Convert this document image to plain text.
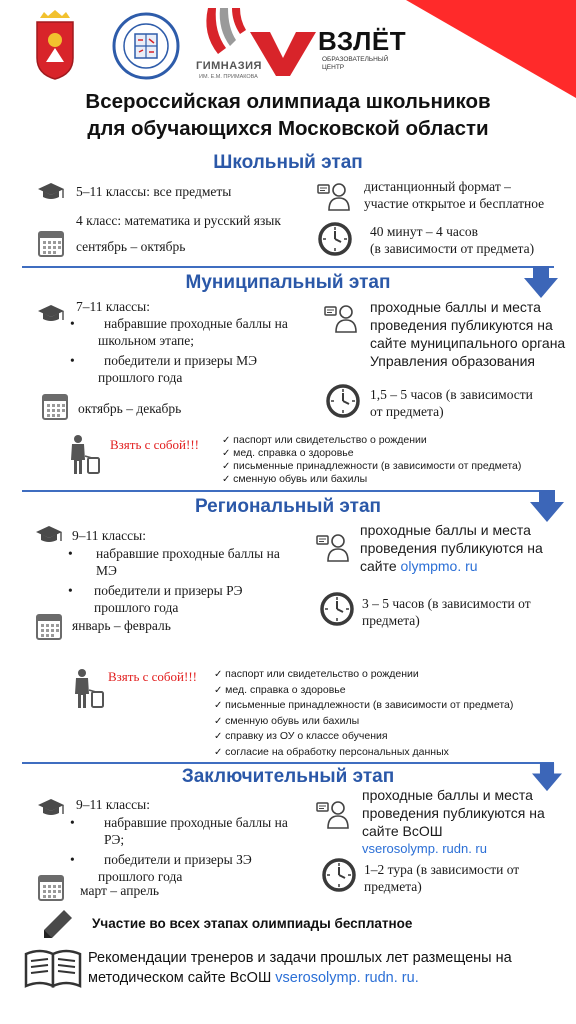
ГИМНАЗИЯ
ИМ. Е.М. ПРИМАКОВА
ВЗЛЁТ
ОБРАЗОВАТЕЛЬНЫЙ
ЦЕНТР
Всероссийская олимпиада школьников
для обучающихся Московской области
Школьный этап
5–11 классы: все предметы
4 класс: математика и русский язык
сентябрь – октябрь
дистанционный формат –
участие открытое и бесплатное
40 минут – 4 часов
(в зависимости от предмета)
Муниципальный этап
7–11 классы:
• набравшие проходные баллы на
школьном этапе;
• победители и призеры МЭ
прошлого года
октябрь – декабрь
проходные баллы и места
проведения публикуются на
сайте муниципального органа
Управления образования
1,5 – 5 часов (в зависимости
от предмета)
Взять с собой!!!	✓ паспорт или свидетельство о рождении
✓ мед. справка о здоровье
✓ письменные принадлежности (в зависимости от предмета)
✓ сменную обувь или бахилы
Региональный этап
9–11 классы:
• набравшие проходные баллы на
МЭ
• победители и призеры РЭ
прошлого года
январь – февраль
проходные баллы и места
проведения публикуются на
сайте olympmo. ru
3 – 5 часов (в зависимости от
предмета)
Взять с собой!!!	✓ паспорт или свидетельство о рождении
✓ мед. справка о здоровье
✓ письменные принадлежности (в зависимости от предмета)
✓ сменную обувь или бахилы
✓ справку из ОУ о классе обучения
✓ согласие на обработку персональных данных
Заключительный этап
9–11 классы:
• набравшие проходные баллы на
РЭ;
• победители и призеры ЗЭ
прошлого года
март – апрель
проходные баллы и места
проведения публикуются на
сайте ВсОШ
vserosolymp. rudn. ru
1–2 тура (в зависимости от
предмета)
Участие во всех этапах олимпиады бесплатное
Рекомендации тренеров и задачи прошлых лет размещены на
методическом сайте ВсОШ vserosolymp. rudn. ru.
